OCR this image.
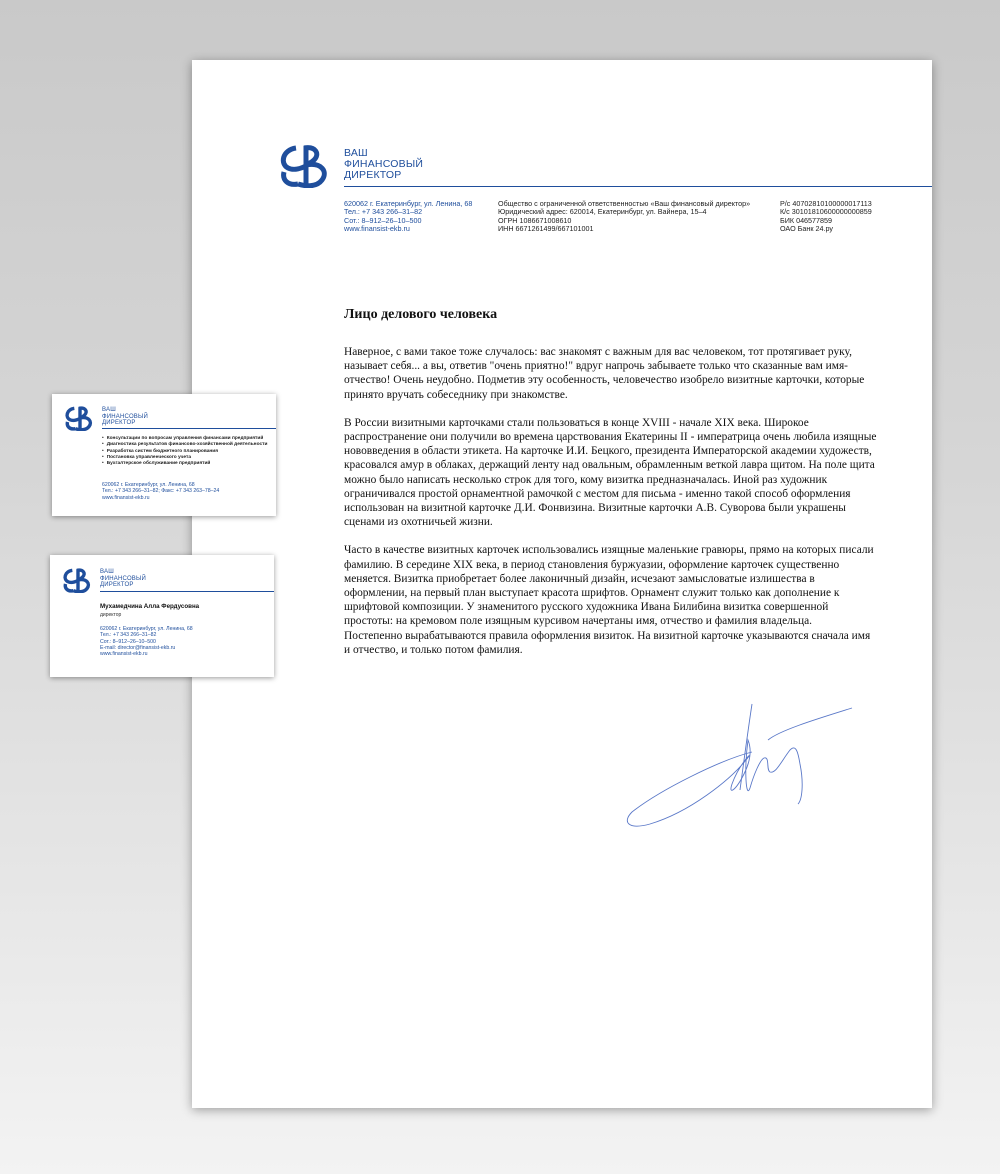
ВАШ
ФИНАНСОВЫЙ
ДИРЕКТОР
620062 г. Екатеринбург, ул. Ленина, 68
Тел.: +7 343 266–31–82
Сот.: 8–912–26–10–500
www.finansist-ekb.ru
Общество с ограниченной ответственностью «Ваш финансовый директор»
Юридический адрес: 620014, Екатеринбург, ул. Вайнера, 15–4
ОГРН 1086671008610
ИНН 6671261499/667101001
Р/с 40702810100000017113
К/с 30101810600000000859
БИК 046577859
ОАО Банк 24.ру
Лицо делового человека

Наверное, с вами такое тоже случалось: вас знакомят с важным для вас человеком, тот протягивает руку, называет себя... а вы, ответив "очень приятно!" вдруг напрочь забываете только что сказанные вам имя-отчество! Очень неудобно. Подметив эту особенность, человечество изобрело визитные карточки, которые принято вручать собеседнику при знакомстве.

В России визитными карточками стали пользоваться в конце XVIII - начале XIX века. Широкое распространение они получили во времена царствования Екатерины II - императрица очень любила изящные нововведения в области этикета. На карточке И.И. Бецкого, президента Императорской академии художеств, красовался амур в облаках, держащий ленту над овальным, обрамленным веткой лавра щитом. На поле щита можно было написать несколько строк для того, кому визитка предназначалась. Иной раз художник ограничивался простой орнаментной рамочкой с местом для письма - именно такой способ оформления использован на визитной карточке Д.И. Фонвизина. Визитные карточки А.В. Суворова были украшены сценами из охотничьей жизни.

Часто в качестве визитных карточек использовались изящные маленькие гравюры, прямо на которых писали фамилию. В середине XIX века, в период становления буржуазии, оформление карточек существенно меняется. Визитка приобретает более лаконичный дизайн, исчезают замысловатые излишества в оформлении, на первый план выступает красота шрифтов. Орнамент служит только как дополнение к шрифтовой композиции. У знаменитого русского художника Ивана Билибина визитка совершенной простоты: на кремовом поле изящным курсивом начертаны имя, отчество и фамилия владельца.

Постепенно вырабатываются правила оформления визиток. На визитной карточке указываются сначала имя и отчество, и только потом фамилия.

ВАШ
ФИНАНСОВЫЙ
ДИРЕКТОР
• Консультации по вопросам управления финансами предприятий
• Диагностика результатов финансово-хозяйственной деятельности
• Разработка систем бюджетного планирования
• Постановка управленческого учета
• Бухгалтерское обслуживание предприятий
620062 г. Екатеринбург, ул. Ленина, 68
Тел.: +7 343 266–31–82; Факс: +7 343 263–78–24
www.finansist-ekb.ru
ВАШ
ФИНАНСОВЫЙ
ДИРЕКТОР
Мухамедчина Алла Фердусовна
директор
620062 г. Екатеринбург, ул. Ленина, 68
Тел.: +7 343 266–31–82
Сот.: 8–912–26–10–500
E-mail: director@finansist-ekb.ru
www.finansist-ekb.ru
